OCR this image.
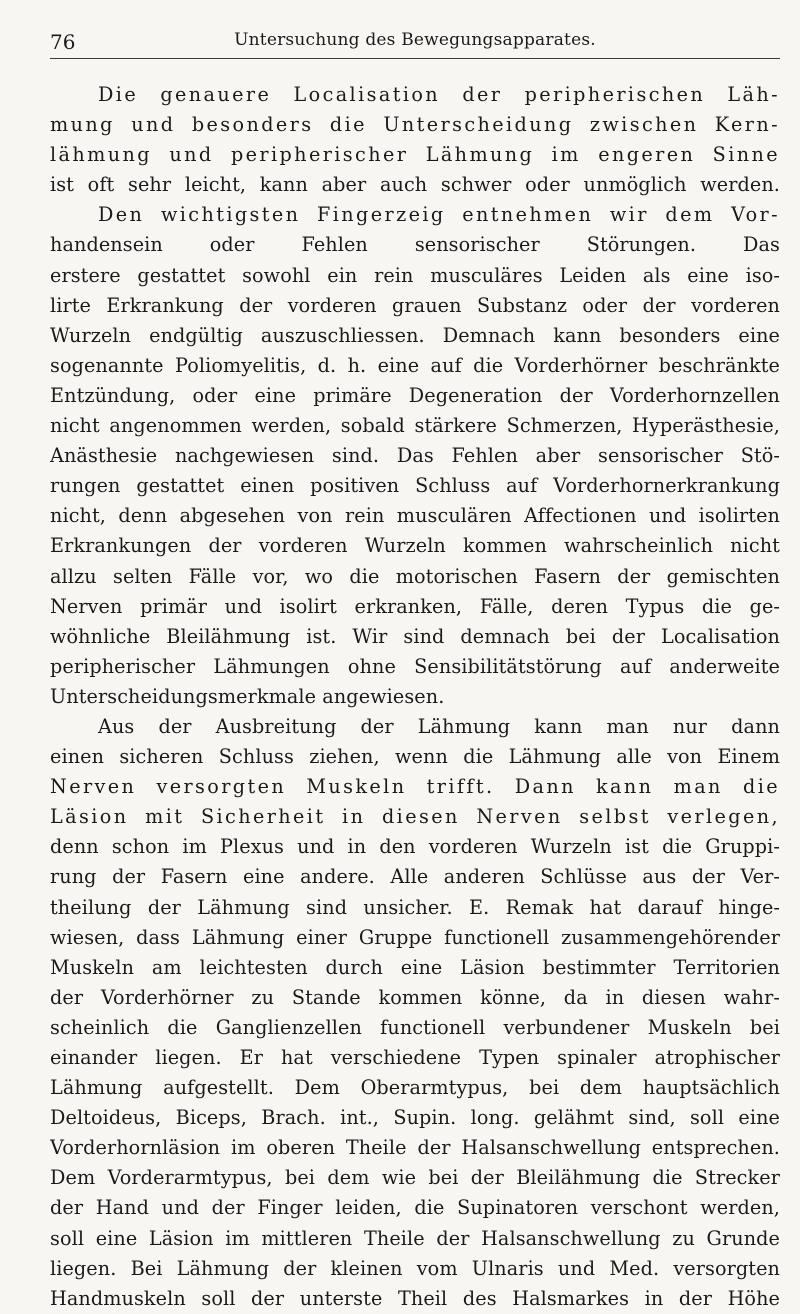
76	Untersuchung des Bewegungsapparates.
Die genauere Localisation der peripherischen Läh-
mung und besonders die Unterscheidung zwischen Kern-
lähmung und peripherischer Lähmung im engeren Sinne
ist oft sehr leicht, kann aber auch schwer oder unmöglich werden.
Den wichtigsten Fingerzeig entnehmen wir dem Vor-
handensein oder Fehlen sensorischer Störungen. Das
erstere gestattet sowohl ein rein musculäres Leiden als eine iso-
lirte Erkrankung der vorderen grauen Substanz oder der vorderen
Wurzeln endgültig auszuschliessen. Demnach kann besonders eine
sogenannte Poliomyelitis, d. h. eine auf die Vorderhörner beschränkte
Entzündung, oder eine primäre Degeneration der Vorderhornzellen
nicht angenommen werden, sobald stärkere Schmerzen, Hyperästhesie,
Anästhesie nachgewiesen sind. Das Fehlen aber sensorischer Stö-
rungen gestattet einen positiven Schluss auf Vorderhornerkrankung
nicht, denn abgesehen von rein musculären Affectionen und isolirten
Erkrankungen der vorderen Wurzeln kommen wahrscheinlich nicht
allzu selten Fälle vor, wo die motorischen Fasern der gemischten
Nerven primär und isolirt erkranken, Fälle, deren Typus die ge-
wöhnliche Bleilähmung ist. Wir sind demnach bei der Localisation
peripherischer Lähmungen ohne Sensibilitätstörung auf anderweite
Unterscheidungsmerkmale angewiesen.
Aus der Ausbreitung der Lähmung kann man nur dann
einen sicheren Schluss ziehen, wenn die Lähmung alle von Einem
Nerven versorgten Muskeln trifft. Dann kann man die
Läsion mit Sicherheit in diesen Nerven selbst verlegen,
denn schon im Plexus und in den vorderen Wurzeln ist die Gruppi-
rung der Fasern eine andere. Alle anderen Schlüsse aus der Ver-
theilung der Lähmung sind unsicher. E. Remak hat darauf hinge-
wiesen, dass Lähmung einer Gruppe functionell zusammengehörender
Muskeln am leichtesten durch eine Läsion bestimmter Territorien
der Vorderhörner zu Stande kommen könne, da in diesen wahr-
scheinlich die Ganglienzellen functionell verbundener Muskeln bei
einander liegen. Er hat verschiedene Typen spinaler atrophischer
Lähmung aufgestellt. Dem Oberarmtypus, bei dem hauptsächlich
Deltoideus, Biceps, Brach. int., Supin. long. gelähmt sind, soll eine
Vorderhornläsion im oberen Theile der Halsanschwellung entsprechen.
Dem Vorderarmtypus, bei dem wie bei der Bleilähmung die Strecker
der Hand und der Finger leiden, die Supinatoren verschont werden,
soll eine Läsion im mittleren Theile der Halsanschwellung zu Grunde
liegen. Bei Lähmung der kleinen vom Ulnaris und Med. versorgten
Handmuskeln soll der unterste Theil des Halsmarkes in der Höhe
